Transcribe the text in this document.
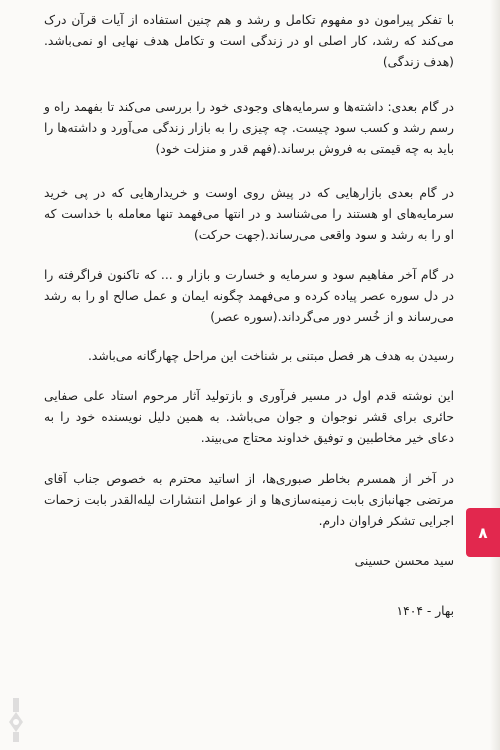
با تفکر پیرامون دو مفهوم تکامل و رشد و هم چنین استفاده از آیات قرآن درک می‌کند که رشد، کار اصلی او در زندگی است و تکامل هدف نهایی او نمی‌باشد. (هدف زندگی)

در گام بعدی: داشته‌ها و سرمایه‌های وجودی خود را بررسی می‌کند تا بفهمد راه و رسم رشد و کسب سود چیست. چه چیزی را به بازار زندگی می‌آورد و داشته‌ها را باید به چه قیمتی به فروش برساند.(فهم قدر و منزلت خود)

در گام بعدی بازارهایی که در پیش روی اوست و خریدارهایی که در پی خرید سرمایه‌های او هستند را می‌شناسد و در انتها می‌فهمد تنها معامله با خداست که او را به رشد و سود واقعی می‌رساند.(جهت حرکت)

در گام آخر مفاهیم سود و سرمایه و خسارت و بازار و ... که تاکنون فراگرفته را در دل سوره عصر پیاده کرده و می‌فهمد چگونه ایمان و عمل صالح او را به رشد می‌رساند و از خُسر دور می‌گرداند.(سوره عصر)

رسیدن به هدف هر فصل مبتنی بر شناخت این مراحل چهارگانه می‌باشد.

این نوشته قدم اول در مسیر فرآوری و بازتولید آثار مرحوم استاد علی صفایی حائری برای قشر نوجوان و جوان می‌باشد. به همین دلیل نویسنده خود را به دعای خیر مخاطبین و توفیق خداوند محتاج می‌بیند.

در آخر از همسرم بخاطر صبوری‌ها، از اساتید محترم به خصوص جناب آقای مرتضی جهانبازی بابت زمینه‌سازی‌ها و از عوامل انتشارات لیله‌القدر بابت زحمات اجرایی تشکر فراوان دارم.

سید محسن حسینی

بهار - ۱۴۰۴

۸
